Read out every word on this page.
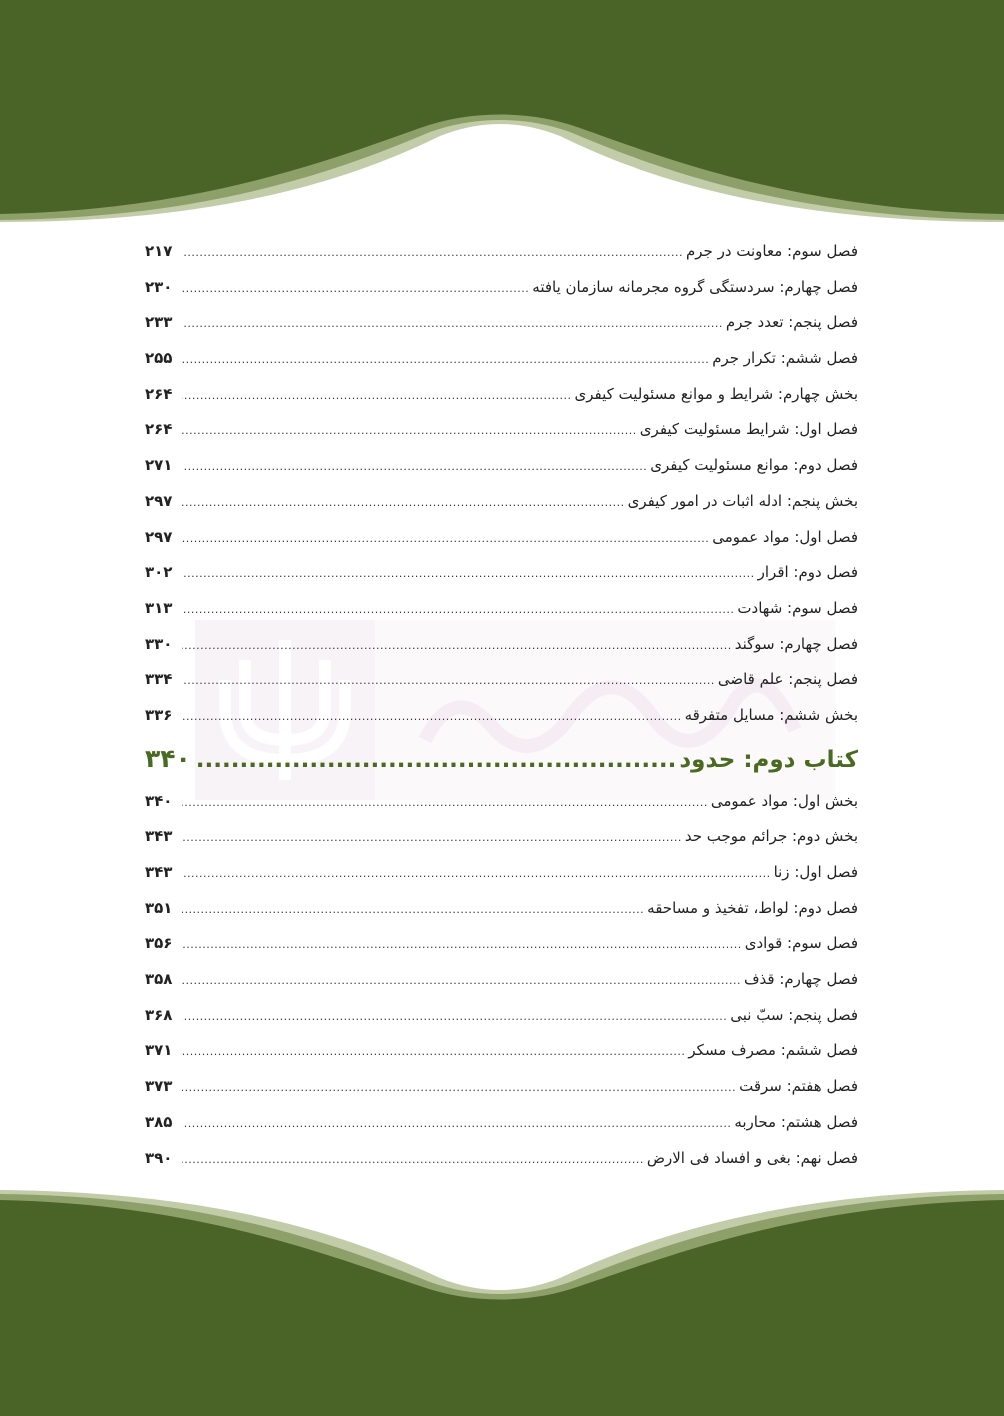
فصل سوم: معاونت در جرم
.....
۲۱۷
فصل چهارم: سردستگی گروه مجرمانه سازمان یافته
.....
۲۳۰
فصل پنجم: تعدد جرم
.....
۲۳۳
فصل ششم: تکرار جرم
.....
۲۵۵
بخش چهارم: شرایط و موانع مسئولیت کیفری
.....
۲۶۴
فصل اول: شرایط مسئولیت کیفری
.....
۲۶۴
فصل دوم: موانع مسئولیت کیفری
.....
۲۷۱
بخش پنجم: ادله اثبات در امور کیفری
.....
۲۹۷
فصل اول: مواد عمومی
.....
۲۹۷
فصل دوم: اقرار
.....
۳۰۲
فصل سوم: شهادت
.....
۳۱۳
فصل چهارم: سوگند
.....
۳۳۰
فصل پنجم: علم قاضی
.....
۳۳۴
بخش ششم: مسایل متفرقه
.....
۳۳۶
کتاب دوم: حدود
.....
۳۴۰
بخش اول: مواد عمومی
.....
۳۴۰
بخش دوم: جرائم موجب حد
.....
۳۴۳
فصل اول: زنا
.....
۳۴۳
فصل دوم: لواط، تفخیذ و مساحقه
.....
۳۵۱
فصل سوم: قوادی
.....
۳۵۶
فصل چهارم: قذف
.....
۳۵۸
فصل پنجم: سبّ نبی
.....
۳۶۸
فصل ششم: مصرف مسکر
.....
۳۷۱
فصل هفتم: سرقت
.....
۳۷۳
فصل هشتم: محاربه
.....
۳۸۵
فصل نهم: بغی و افساد فی الارض
.....
۳۹۰
